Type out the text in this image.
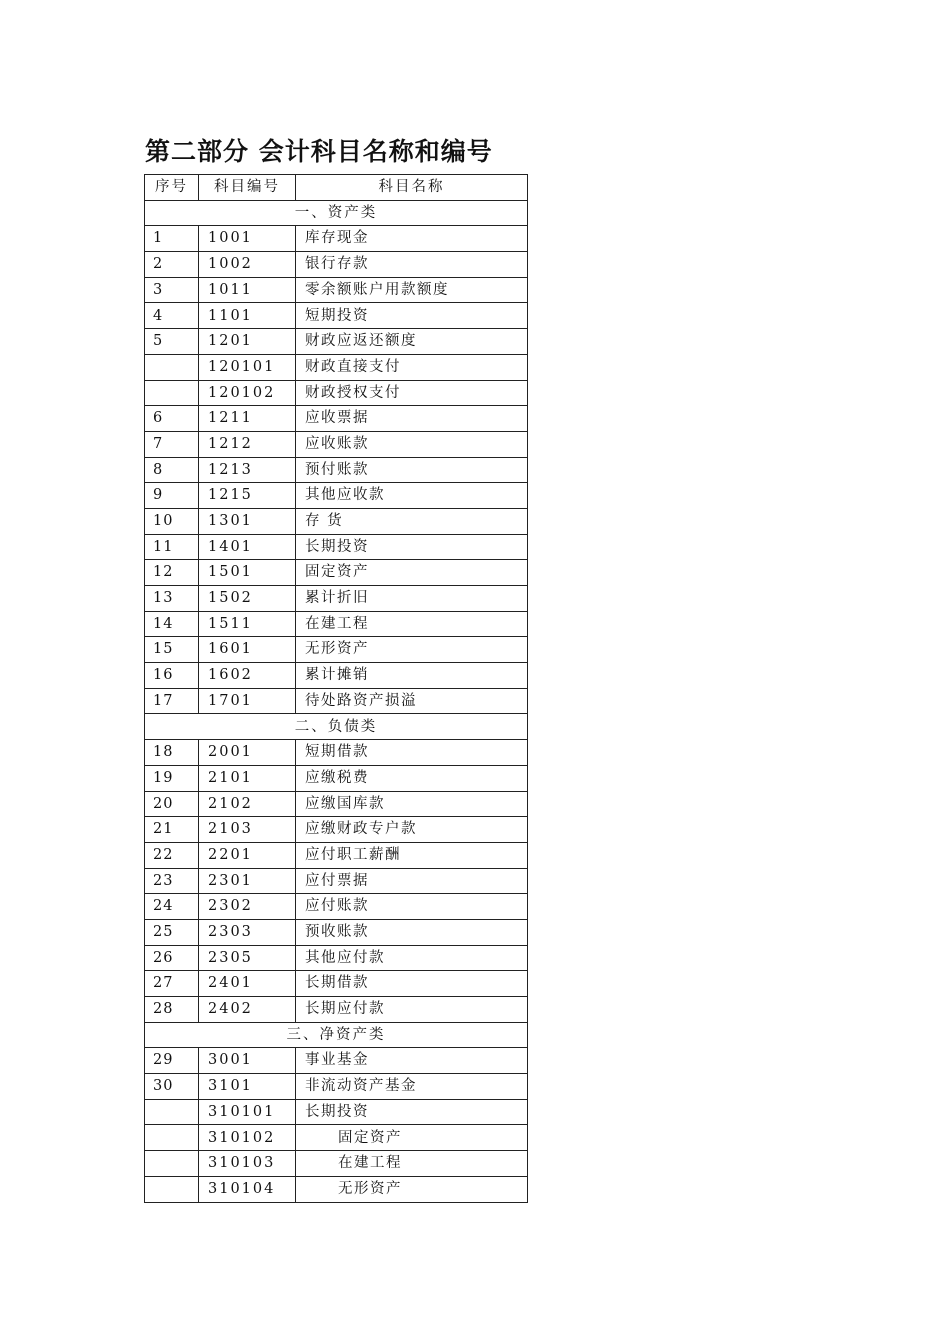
第二部分 会计科目名称和编号
序号	科目编号	科目名称
一、资产类		
1	1001	库存现金
2	1002	银行存款
3	1011	零余额账户用款额度
4	1101	短期投资
5	1201	财政应返还额度
	120101	财政直接支付
	120102	财政授权支付
6	1211	应收票据
7	1212	应收账款
8	1213	预付账款
9	1215	其他应收款
10	1301	存 货
11	1401	长期投资
12	1501	固定资产
13	1502	累计折旧
14	1511	在建工程
15	1601	无形资产
16	1602	累计摊销
17	1701	待处路资产损溢
二、负债类		
18	2001	短期借款
19	2101	应缴税费
20	2102	应缴国库款
21	2103	应缴财政专户款
22	2201	应付职工薪酬
23	2301	应付票据
24	2302	应付账款
25	2303	预收账款
26	2305	其他应付款
27	2401	长期借款
28	2402	长期应付款
三、净资产类		
29	3001	事业基金
30	3101	非流动资产基金
	310101	长期投资
	310102	固定资产
	310103	在建工程
	310104	无形资产
